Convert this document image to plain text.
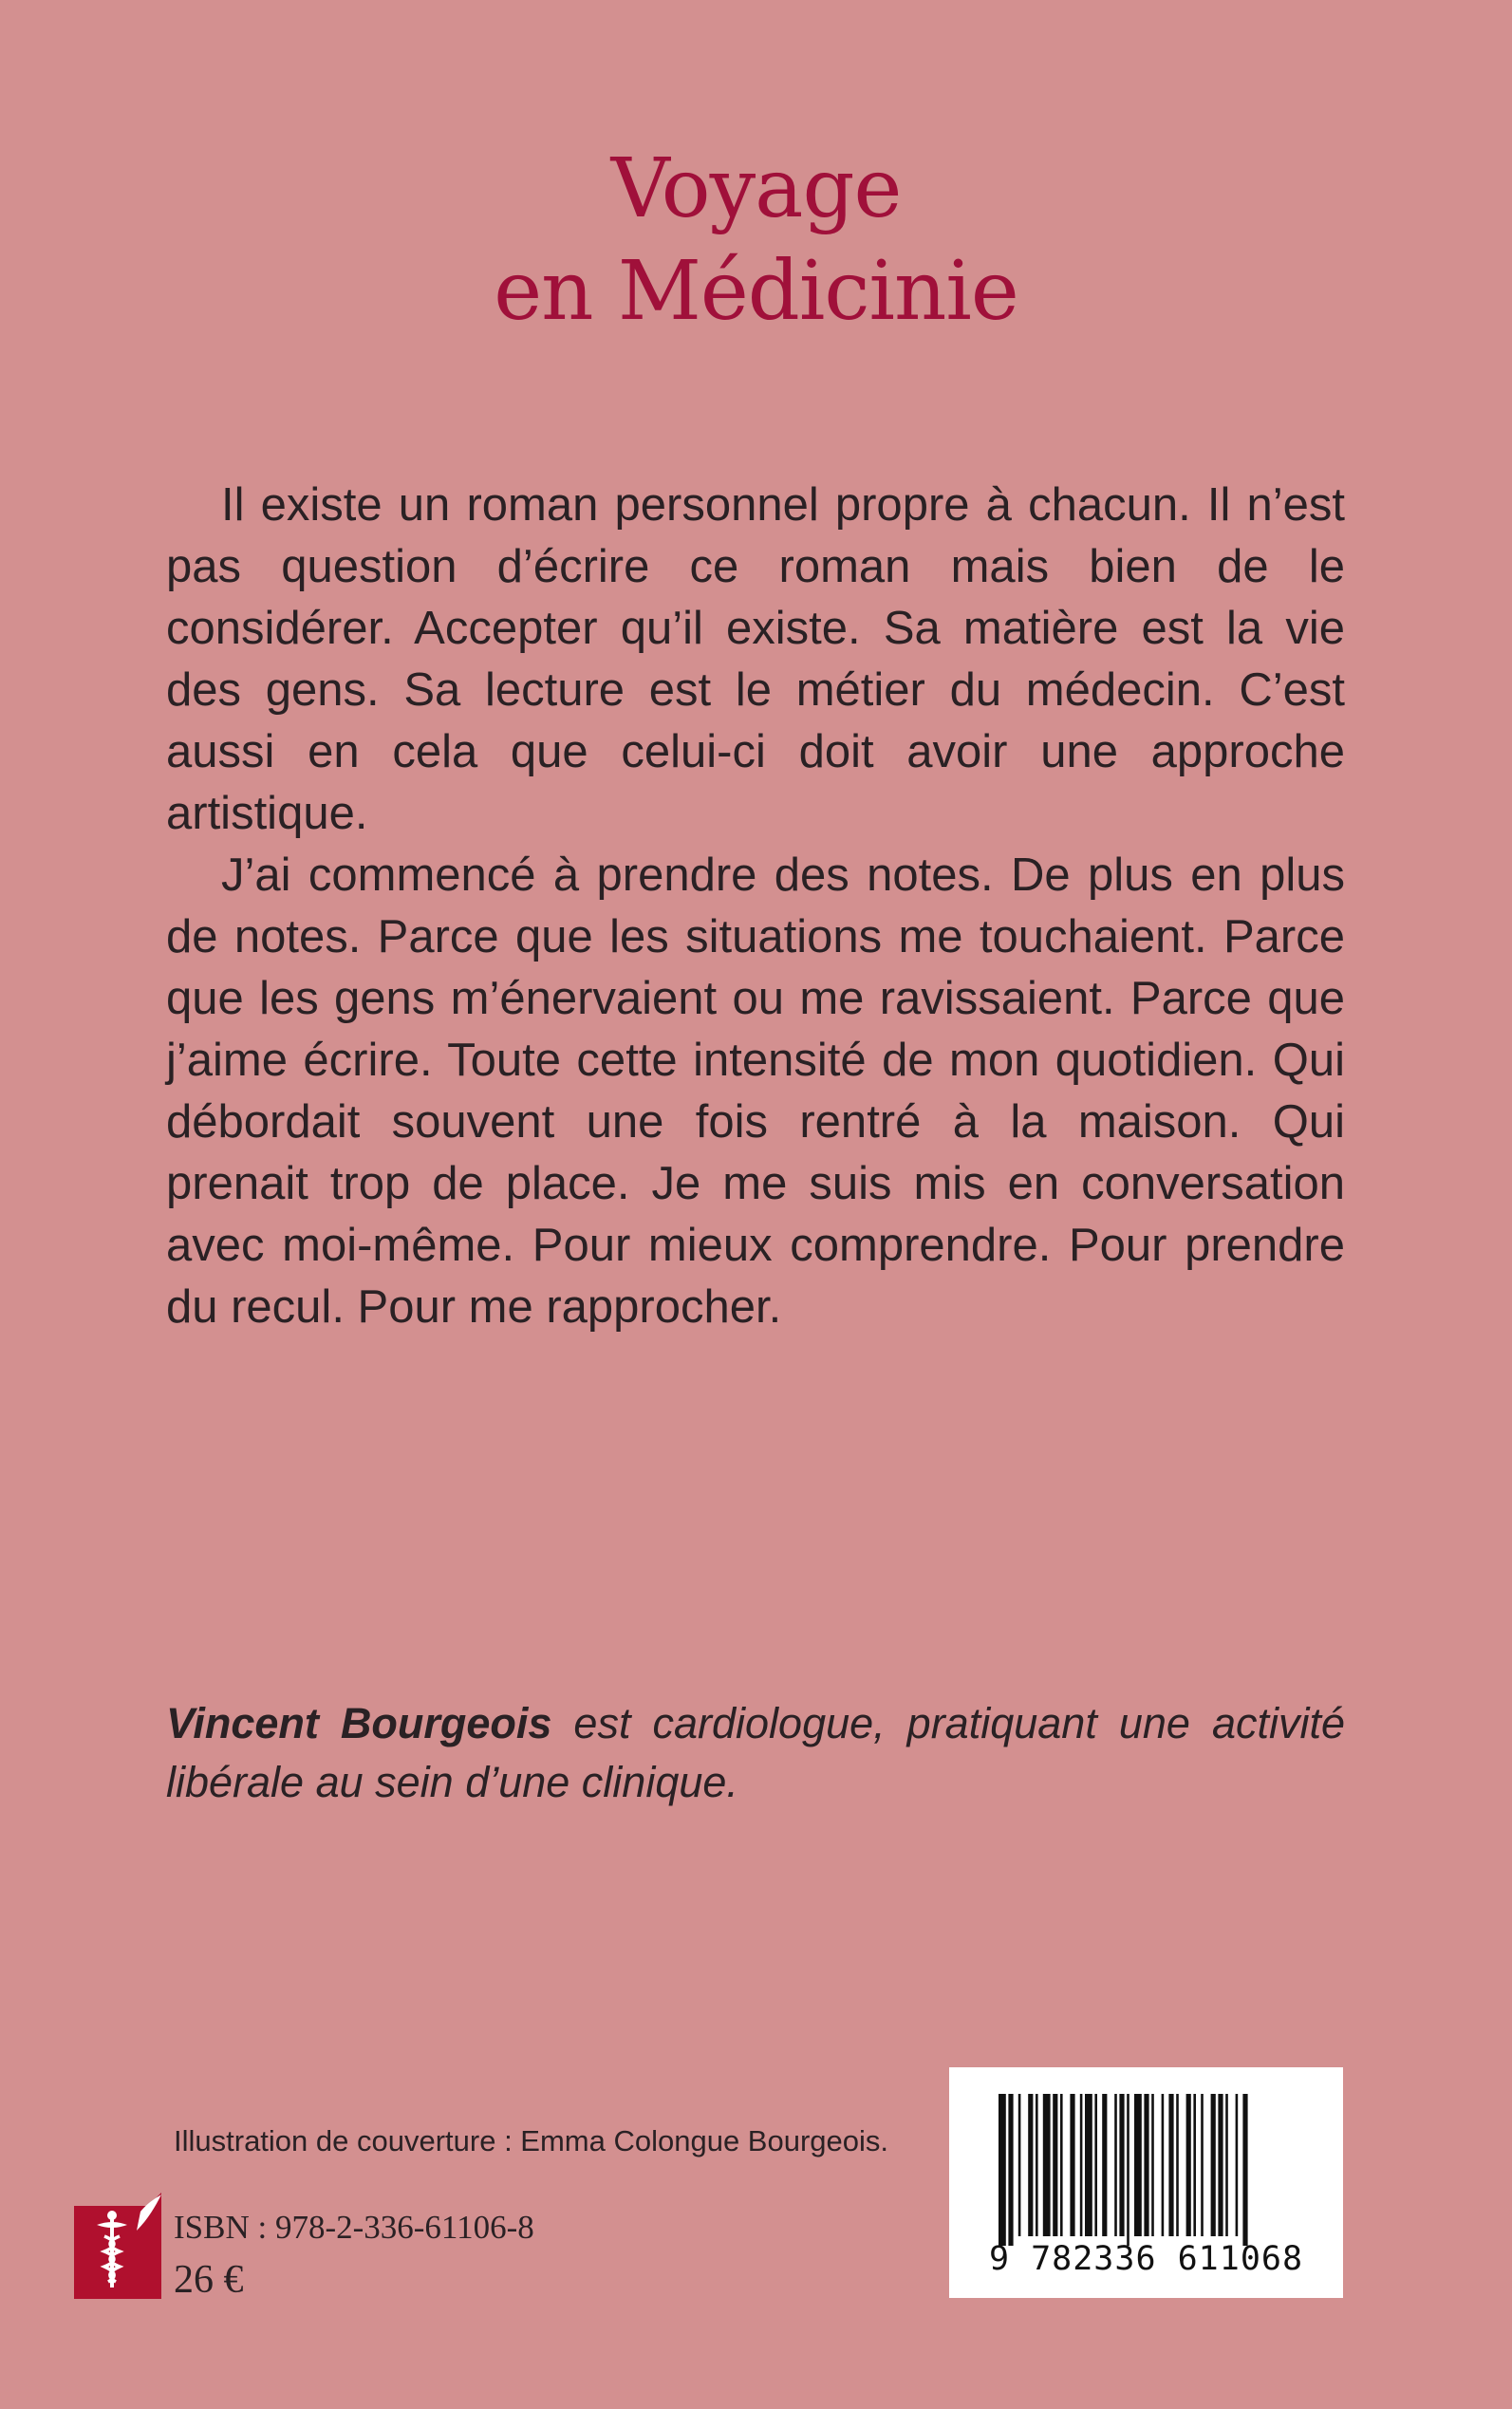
Voyage
en Médicinie

Il existe un roman personnel propre à chacun. Il n’est pas question d’écrire ce roman mais bien de le considérer. Accepter qu’il existe. Sa matière est la vie des gens. Sa lecture est le métier du médecin. C’est aussi en cela que celui-ci doit avoir une approche artistique.

J’ai commencé à prendre des notes. De plus en plus de notes. Parce que les situations me touchaient. Parce que les gens m’énervaient ou me ravissaient. Parce que j’aime écrire. Toute cette intensité de mon quotidien. Qui débordait souvent une fois rentré à la maison. Qui prenait trop de place. Je me suis mis en conversation avec moi-même. Pour mieux comprendre. Pour prendre du recul. Pour me rapprocher.

Vincent Bourgeois est cardiologue, pratiquant une activité libérale au sein d’une clinique.
Illustration de couverture : Emma Colongue Bourgeois.
ISBN : 978-2-336-61106-8
26 €	9 782336 611068
